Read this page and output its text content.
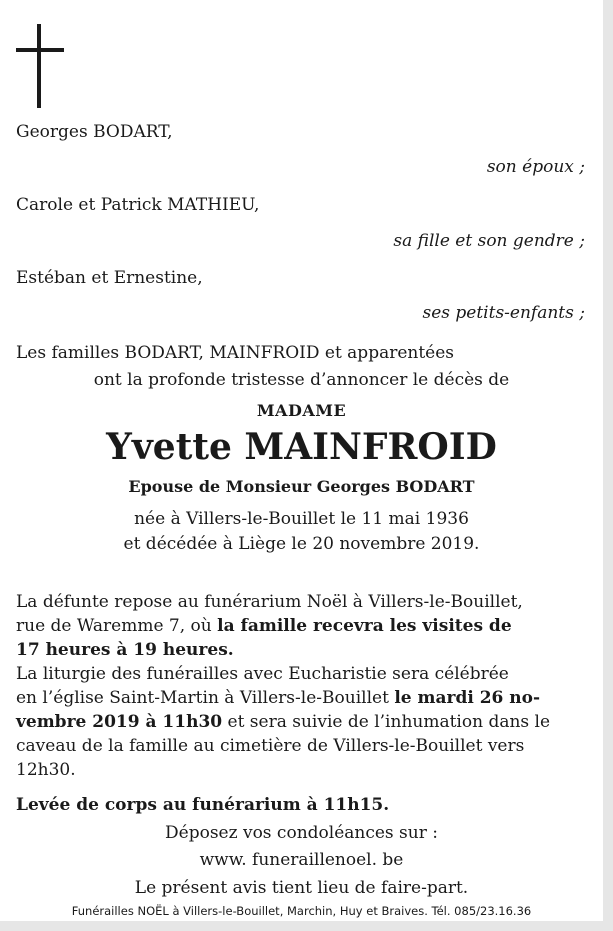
Georges BODART,
son époux ;
Carole et Patrick MATHIEU,
sa fille et son gendre ;
Estéban et Ernestine,
ses petits-enfants ;
Les familles BODART, MAINFROID et apparentées
ont la profonde tristesse d’annoncer le décès de
MADAME
Yvette MAINFROID
Epouse de Monsieur Georges BODART
née à Villers-le-Bouillet le 11 mai 1936
et décédée à Liège le 20 novembre 2019.
La défunte repose au funérarium Noël à Villers-le-Bouillet,
rue de Waremme 7, où la famille recevra les visites de
17 heures à 19 heures.
La liturgie des funérailles avec Eucharistie sera célébrée
en l’église Saint-Martin à Villers-le-Bouillet le mardi 26 no-
vembre 2019 à 11h30 et sera suivie de l’inhumation dans le
caveau de la famille au cimetière de Villers-le-Bouillet vers
12h30.
Levée de corps au funérarium à 11h15.
Déposez vos condoléances sur :
www. funeraillenoel. be
Le présent avis tient lieu de faire-part.
Funérailles NOËL à Villers-le-Bouillet, Marchin, Huy et Braives. Tél. 085/23.16.36
